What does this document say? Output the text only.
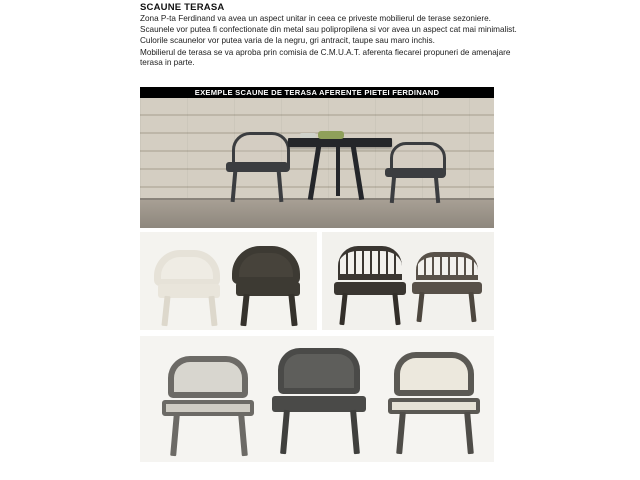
SCAUNE TERASA

Zona P-ta Ferdinand va avea un aspect unitar in ceea ce priveste mobilierul de terase sezoniere.

Scaunele vor putea fi confectionate din metal sau polipropilena si vor avea un aspect cat mai minimalist.

Culorile scaunelor vor putea varia de la negru, gri antracit, taupe sau maro inchis.

Mobilierul de terasa se va aproba prin comisia de C.M.U.A.T. aferenta fiecarei propuneri de amenajare terasa in parte.

EXEMPLE SCAUNE DE TERASA AFERENTE PIETEI FERDINAND
